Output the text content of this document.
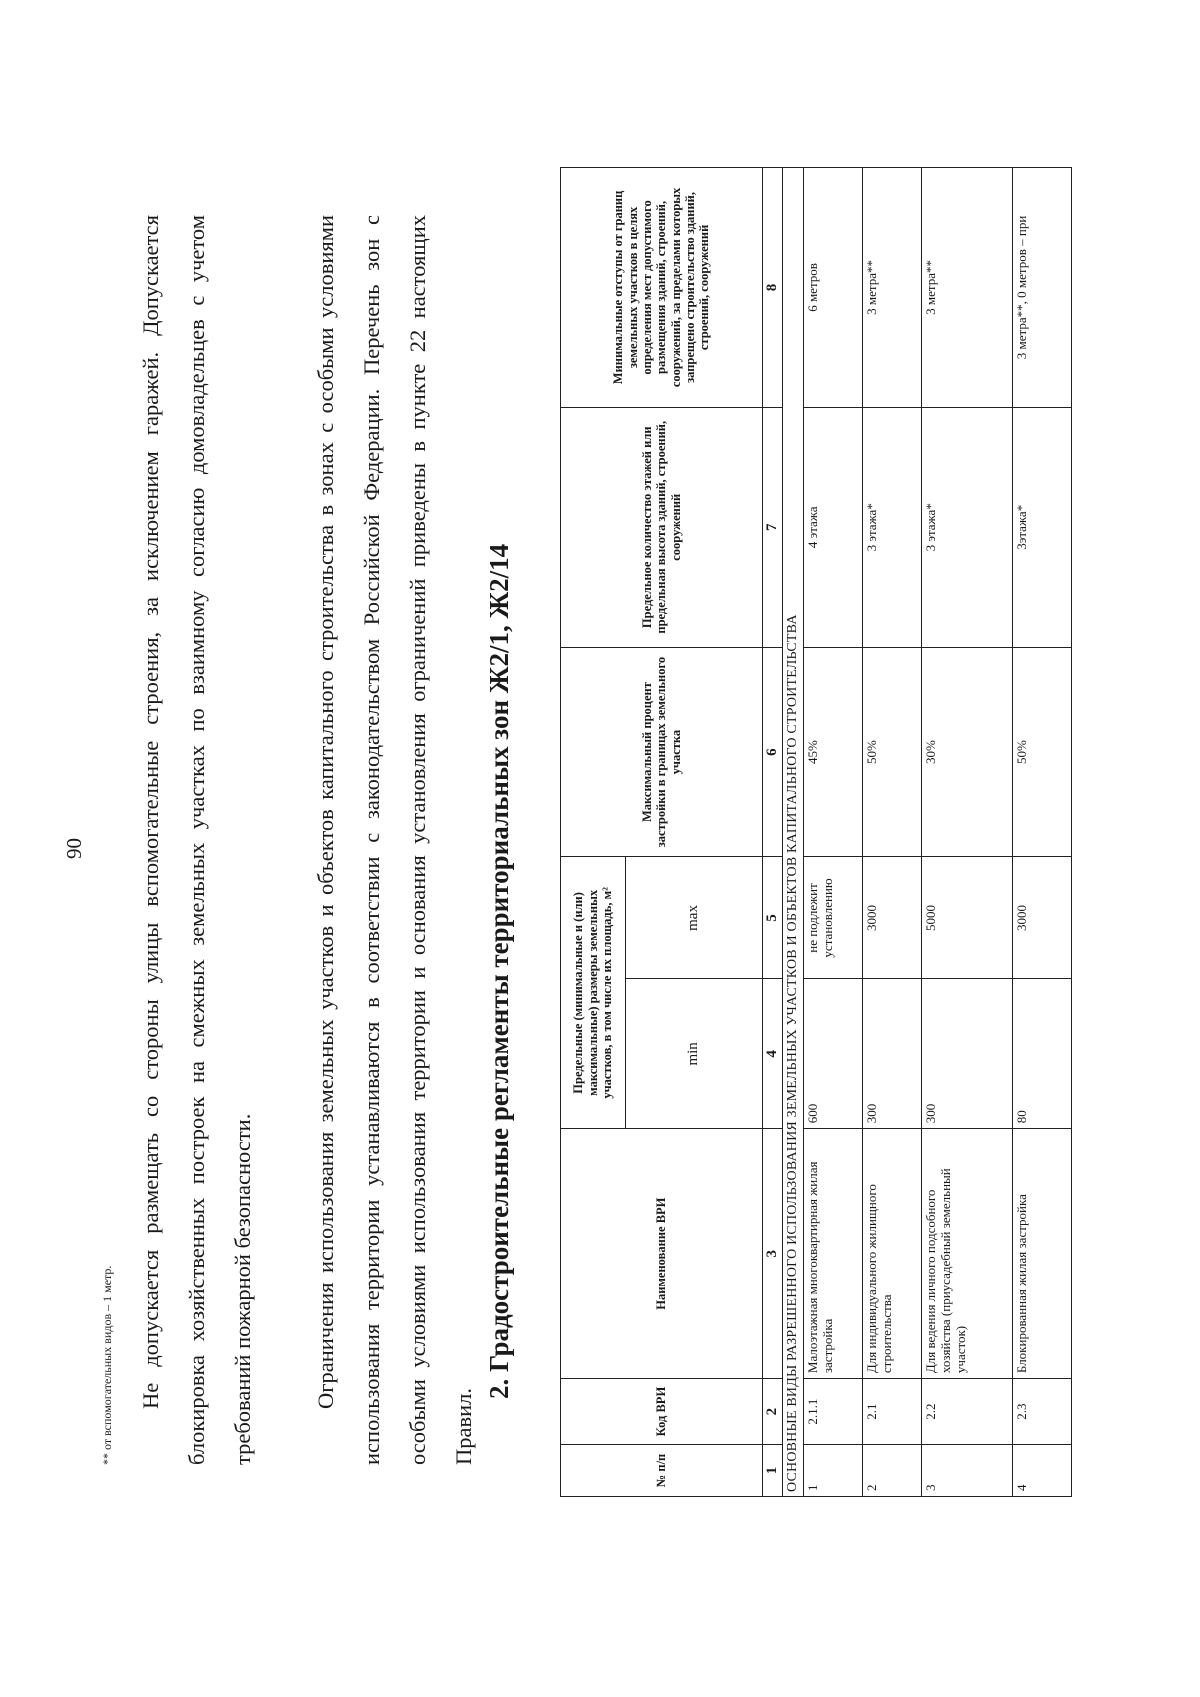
90
** от вспомогательных видов – 1 метр.	Не допускается размещать со стороны улицы вспомогательные строения, за исключением гаражей. Допускается блокировка хозяйственных построек на смежных земельных участках по взаимному согласию домовладельцев с учетом требований пожарной безопасности.	Ограничения использования земельных участков и объектов капитального строительства в зонах с особыми условиями использования территории устанавливаются в соответствии с законодательством Российской Федерации. Перечень зон с особыми условиями использования территории и основания установления ограничений приведены в пункте 22 настоящих Правил.

2. Градостроительные регламенты территориальных зон Ж2/1, Ж2/14
№ п/п	Код ВРИ	Наименование ВРИ	Предельные (минимальные и (или) максимальные) размеры земельных участков, в том числе их площадь, м²		Максимальный процент застройки в границах земельного участка	Предельное количество этажей или предельная высота зданий, строений, сооружений	Минимальные отступы от границ земельных участков в целях определения мест допустимого размещения зданий, строений, сооружений, за пределами которых запрещено строительство зданий, строений, сооружений
			min	max			
1	2	3	4	5	6	7	8
ОСНОВНЫЕ ВИДЫ РАЗРЕШЕННОГО ИСПОЛЬЗОВАНИЯ ЗЕМЕЛЬНЫХ УЧАСТКОВ И ОБЪЕКТОВ КАПИТАЛЬНОГО СТРОИТЕЛЬСТВА							
1	2.1.1	Малоэтажная многоквартирная жилая застройка	600	не подлежит установлению	45%	4 этажа	6 метров
2	2.1	Для индивидуального жилищного строительства	300	3000	50%	3 этажа*	3 метра**
3	2.2	Для ведения личного подсобного хозяйства (приусадебный земельный участок)	300	5000	30%	3 этажа*	3 метра**
4	2.3	Блокированная жилая застройка	80	3000	50%	3этажа*	3 метра**, 0 метров – при
